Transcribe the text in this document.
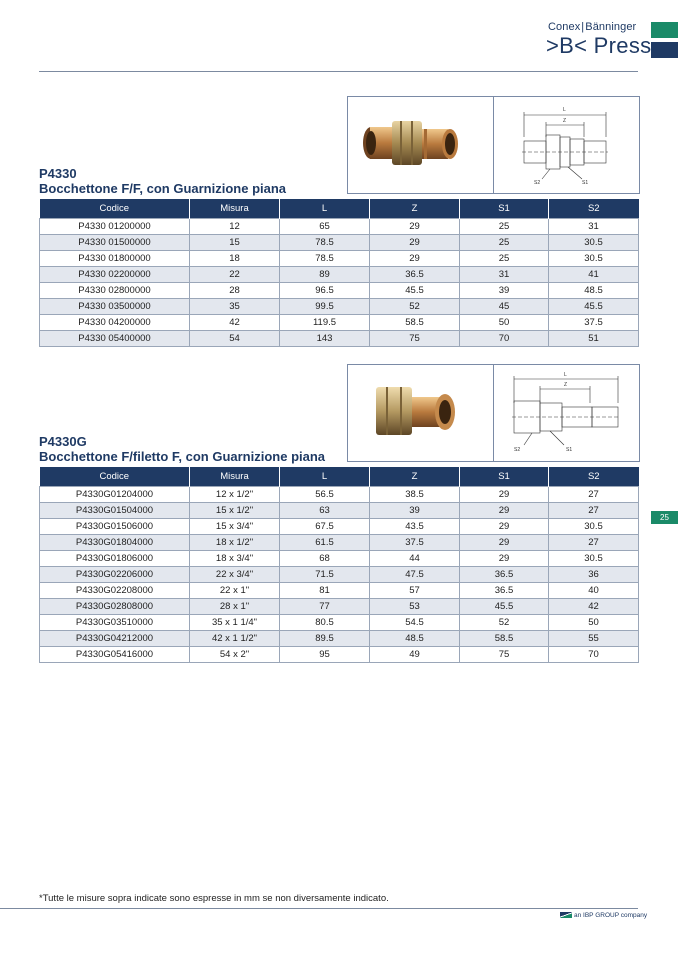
Conex|Bänninger
>B< Press
L
Z
S2	S1
P4330
Bocchettone F/F, con Guarnizione piana
Codice	Misura	L	Z	S1	S2
P4330 01200000	12	65	29	25	31
P4330 01500000	15	78.5	29	25	30.5
P4330 01800000	18	78.5	29	25	30.5
P4330 02200000	22	89	36.5	31	41
P4330 02800000	28	96.5	45.5	39	48.5
P4330 03500000	35	99.5	52	45	45.5
P4330 04200000	42	119.5	58.5	50	37.5
P4330 05400000	54	143	75	70	51
L
Z
S2	S1
P4330G
Bocchettone F/filetto F, con Guarnizione piana
Codice	Misura	L	Z	S1	S2
P4330G01204000	12 x 1/2"	56.5	38.5	29	27
P4330G01504000	15 x 1/2"	63	39	29	27
P4330G01506000	15 x 3/4"	67.5	43.5	29	30.5
P4330G01804000	18 x 1/2"	61.5	37.5	29	27
P4330G01806000	18 x 3/4"	68	44	29	30.5
P4330G02206000	22 x 3/4"	71.5	47.5	36.5	36
P4330G02208000	22 x 1"	81	57	36.5	40
P4330G02808000	28 x 1"	77	53	45.5	42
P4330G03510000	35 x 1 1/4"	80.5	54.5	52	50
P4330G04212000	42 x 1 1/2"	89.5	48.5	58.5	55
P4330G05416000	54 x 2"	95	49	75	70
25
*Tutte le misure sopra indicate sono espresse in mm se non diversamente indicato.
an IBP GROUP company
